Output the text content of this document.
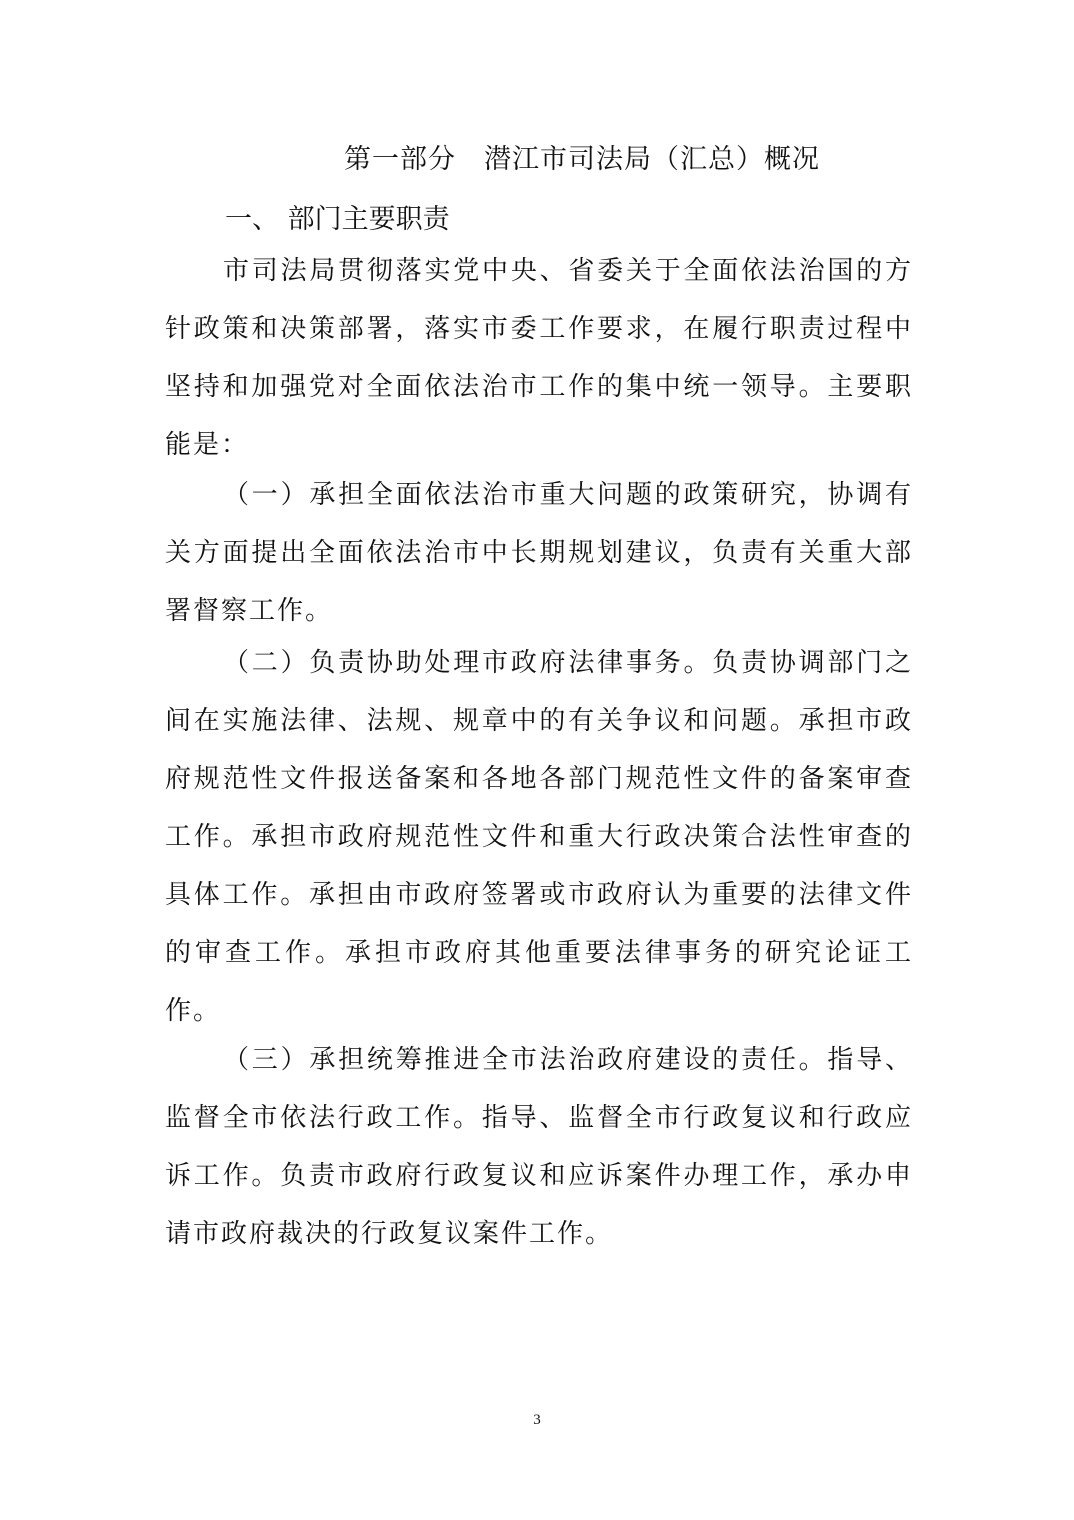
第一部分　潜江市司法局（汇总）概况
一、 部门主要职责

市司法局贯彻落实党中央、省委关于全面依法治国的方针政策和决策部署，落实市委工作要求，在履行职责过程中坚持和加强党对全面依法治市工作的集中统一领导。主要职能是：

（一）承担全面依法治市重大问题的政策研究，协调有关方面提出全面依法治市中长期规划建议，负责有关重大部署督察工作。

（二）负责协助处理市政府法律事务。负责协调部门之间在实施法律、法规、规章中的有关争议和问题。承担市政府规范性文件报送备案和各地各部门规范性文件的备案审查工作。承担市政府规范性文件和重大行政决策合法性审查的具体工作。承担由市政府签署或市政府认为重要的法律文件的审查工作。承担市政府其他重要法律事务的研究论证工作。

（三）承担统筹推进全市法治政府建设的责任。指导、监督全市依法行政工作。指导、监督全市行政复议和行政应诉工作。负责市政府行政复议和应诉案件办理工作，承办申请市政府裁决的行政复议案件工作。

3
